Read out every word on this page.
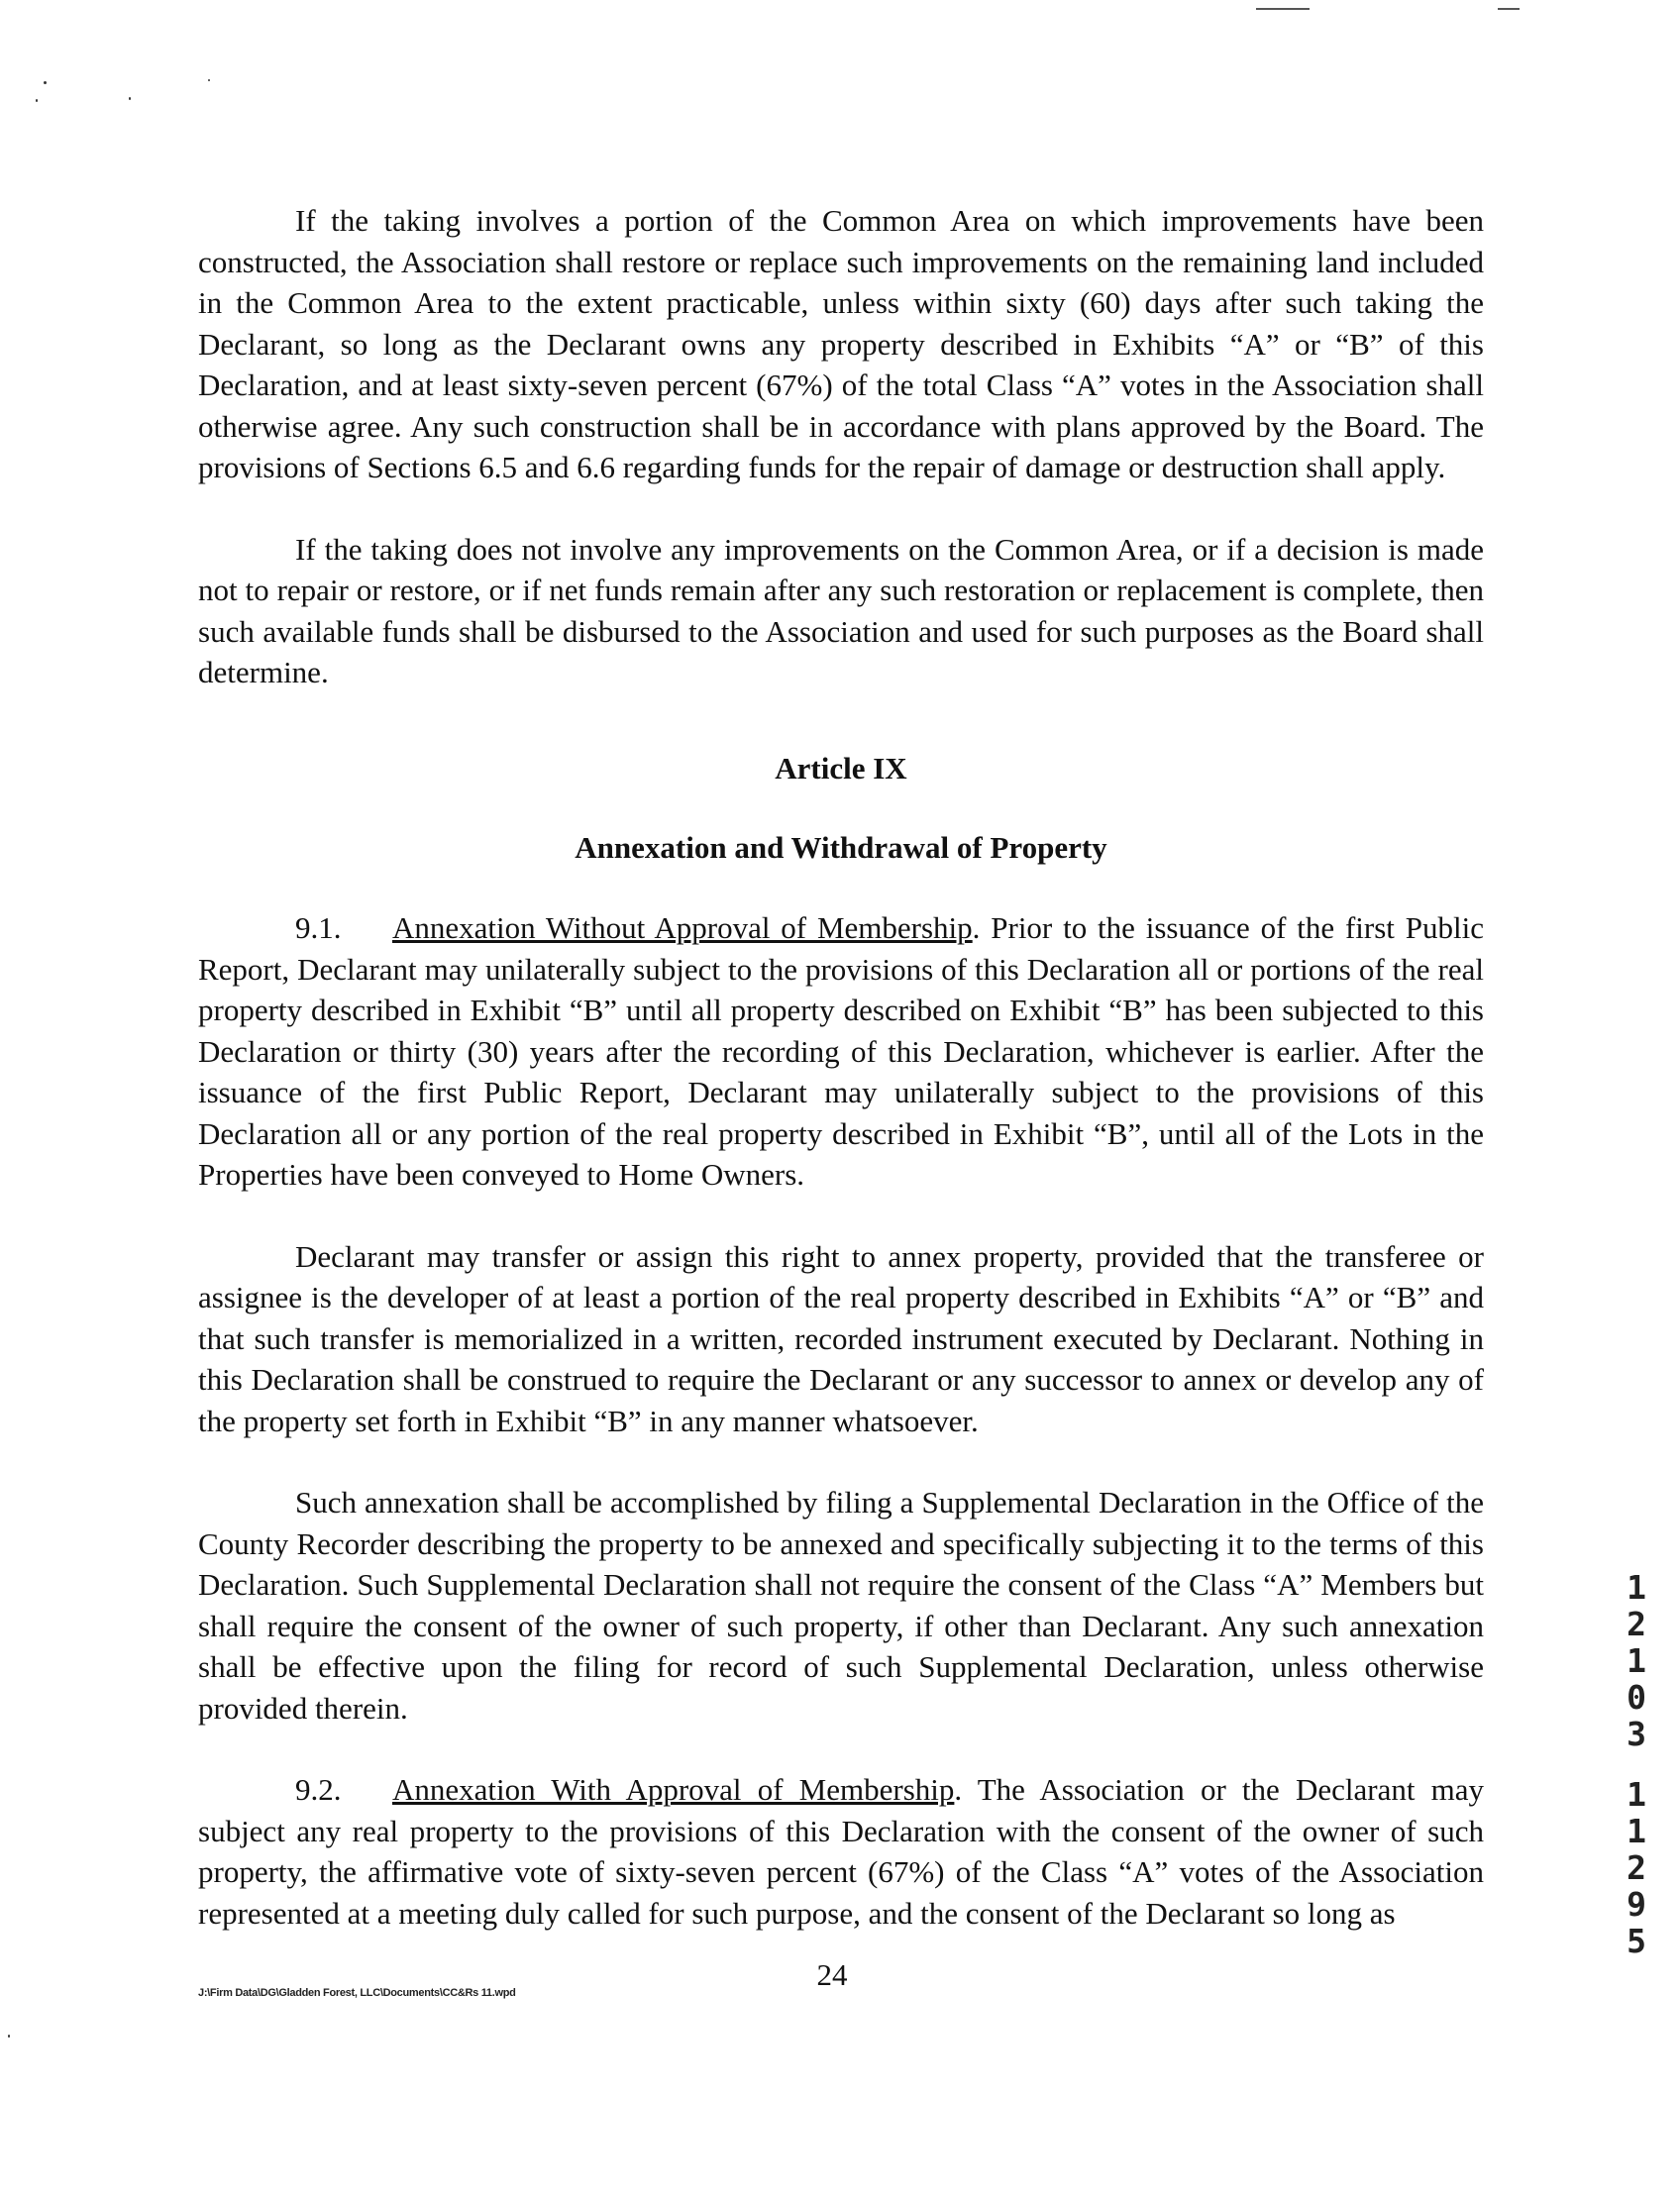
If the taking involves a portion of the Common Area on which improvements have been constructed, the Association shall restore or replace such improvements on the remaining land included in the Common Area to the extent practicable, unless within sixty (60) days after such taking the Declarant, so long as the Declarant owns any property described in Exhibits “A” or “B” of this Declaration, and at least sixty-seven percent (67%) of the total Class “A” votes in the Association shall otherwise agree. Any such construction shall be in accordance with plans approved by the Board. The provisions of Sections 6.5 and 6.6 regarding funds for the repair of damage or destruction shall apply.

If the taking does not involve any improvements on the Common Area, or if a decision is made not to repair or restore, or if net funds remain after any such restoration or replacement is complete, then such available funds shall be disbursed to the Association and used for such purposes as the Board shall determine.

Article IX

Annexation and Withdrawal of Property

9.1. Annexation Without Approval of Membership. Prior to the issuance of the first Public Report, Declarant may unilaterally subject to the provisions of this Declaration all or portions of the real property described in Exhibit “B” until all property described on Exhibit “B” has been subjected to this Declaration or thirty (30) years after the recording of this Declaration, whichever is earlier. After the issuance of the first Public Report, Declarant may unilaterally subject to the provisions of this Declaration all or any portion of the real property described in Exhibit “B”, until all of the Lots in the Properties have been conveyed to Home Owners.

Declarant may transfer or assign this right to annex property, provided that the transferee or assignee is the developer of at least a portion of the real property described in Exhibits “A” or “B” and that such transfer is memorialized in a written, recorded instrument executed by Declarant. Nothing in this Declaration shall be construed to require the Declarant or any successor to annex or develop any of the property set forth in Exhibit “B” in any manner whatsoever.

Such annexation shall be accomplished by filing a Supplemental Declaration in the Office of the County Recorder describing the property to be annexed and specifically subjecting it to the terms of this Declaration. Such Supplemental Declaration shall not require the consent of the Class “A” Members but shall require the consent of the owner of such property, if other than Declarant. Any such annexation shall be effective upon the filing for record of such Supplemental Declaration, unless otherwise provided therein.

9.2. Annexation With Approval of Membership. The Association or the Declarant may subject any real property to the provisions of this Declaration with the consent of the owner of such property, the affirmative vote of sixty-seven percent (67%) of the Class “A” votes of the Association represented at a meeting duly called for such purpose, and the consent of the Declarant so long as

1
2
1
0
3
1
1
2
9
5
24
J:\Firm Data\DG\Gladden Forest, LLC\Documents\CC&Rs 11.wpd
